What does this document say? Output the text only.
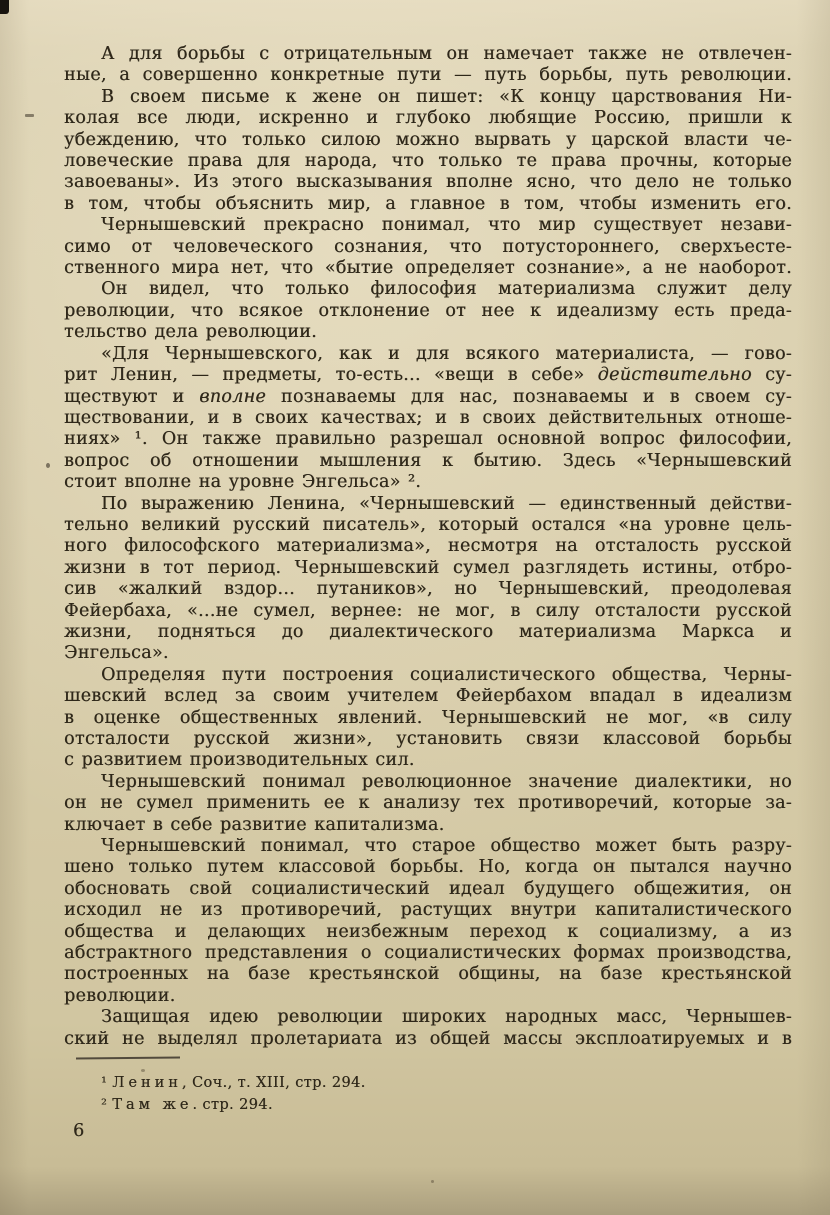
А для борьбы с отрицательным он намечает также не отвлечен-
ные, а совершенно конкретные пути — путь борьбы, путь революции.
В своем письме к жене он пишет: «К концу царствования Ни-
колая все люди, искренно и глубоко любящие Россию, пришли к
убеждению, что только силою можно вырвать у царской власти че-
ловеческие права для народа, что только те права прочны, которые
завоеваны». Из этого высказывания вполне ясно, что дело не только
в том, чтобы объяснить мир, а главное в том, чтобы изменить его.
Чернышевский прекрасно понимал, что мир существует незави-
симо от человеческого сознания, что потустороннего, сверхъесте-
ственного мира нет, что «бытие определяет сознание», а не наоборот.
Он видел, что только философия материализма служит делу
революции, что всякое отклонение от нее к идеализму есть преда-
тельство дела революции.
«Для Чернышевского, как и для всякого материалиста, — гово-
рит Ленин, — предметы, то-есть... «вещи в себе» действительно су-
ществуют и вполне познаваемы для нас, познаваемы и в своем су-
ществовании, и в своих качествах; и в своих действительных отноше-
ниях» ¹. Он также правильно разрешал основной вопрос философии,
вопрос об отношении мышления к бытию. Здесь «Чернышевский
стоит вполне на уровне Энгельса» ².
По выражению Ленина, «Чернышевский — единственный действи-
тельно великий русский писатель», который остался «на уровне цель-
ного философского материализма», несмотря на отсталость русской
жизни в тот период. Чернышевский сумел разглядеть истины, отбро-
сив «жалкий вздор... путаников», но Чернышевский, преодолевая
Фейербаха, «...не сумел, вернее: не мог, в силу отсталости русской
жизни, подняться до диалектического материализма Маркса и
Энгельса».
Определяя пути построения социалистического общества, Черны-
шевский вслед за своим учителем Фейербахом впадал в идеализм
в оценке общественных явлений. Чернышевский не мог, «в силу
отсталости русской жизни», установить связи классовой борьбы
с развитием производительных сил.
Чернышевский понимал революционное значение диалектики, но
он не сумел применить ее к анализу тех противоречий, которые за-
ключает в себе развитие капитализма.
Чернышевский понимал, что старое общество может быть разру-
шено только путем классовой борьбы. Но, когда он пытался научно
обосновать свой социалистический идеал будущего общежития, он
исходил не из противоречий, растущих внутри капиталистического
общества и делающих неизбежным переход к социализму, а из
абстрактного представления о социалистических формах производства,
построенных на базе крестьянской общины, на базе крестьянской
революции.
Защищая идею революции широких народных масс, Чернышев-
ский не выделял пролетариата из общей массы эксплоатируемых и в
¹ Ленин, Соч., т. XIII, стр. 294.
² Там же. стр. 294.
6
